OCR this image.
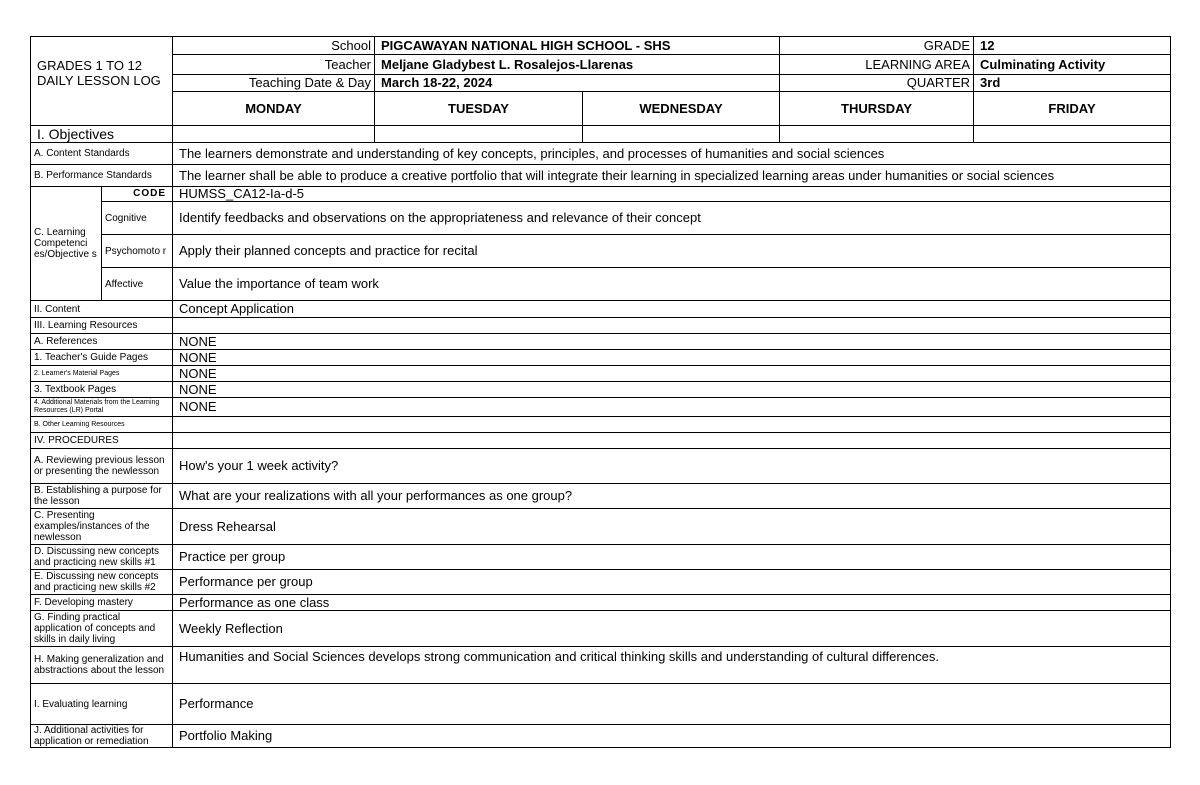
GRADES 1 TO 12 DAILY LESSON LOG		School	PIGCAWAYAN NATIONAL HIGH SCHOOL - SHS		GRADE	12
		Teacher	Meljane Gladybest L. Rosalejos-Llarenas		LEARNING AREA	Culminating Activity
		Teaching Date & Day	March 18-22, 2024		QUARTER	3rd
		MONDAY	TUESDAY	WEDNESDAY	THURSDAY	FRIDAY
I. Objectives						
A. Content Standards		The learners demonstrate and understanding of key concepts, principles, and processes of humanities and social sciences				
B. Performance Standards		The learner shall be able to produce a creative portfolio that will integrate their learning in specialized learning areas under humanities or social sciences				
C. Learning Competenci es/Objective s	CODE	HUMSS_CA12-Ia-d-5				
	Cognitive	Identify feedbacks and observations on the appropriateness and relevance of their concept				
	Psychomoto r	Apply their planned concepts and practice for recital				
	Affective	Value the importance of team work				
II. Content		Concept Application				
III. Learning Resources						
A. References		NONE				
1. Teacher's Guide Pages		NONE				
2. Learner's Material Pages		NONE				
3. Textbook Pages		NONE				
4. Additional Materials from the Learning Resources (LR) Portal		NONE				
B. Other Learning Resources						
IV. PROCEDURES						
A. Reviewing previous lesson or presenting the newlesson		How's your 1 week activity?				
B. Establishing a purpose for the lesson		What are your realizations with all your performances as one group?				
C. Presenting examples/instances of the newlesson		Dress Rehearsal				
D. Discussing new concepts and practicing new skills #1		Practice per group				
E. Discussing new concepts and practicing new skills #2		Performance per group				
F. Developing mastery		Performance as one class				
G. Finding practical application of concepts and skills in daily living		Weekly Reflection				
H. Making generalization and abstractions about the lesson		Humanities and Social Sciences develops strong communication and critical thinking skills and understanding of cultural differences.				
I. Evaluating learning		Performance				
J. Additional activities for application or remediation		Portfolio Making				
